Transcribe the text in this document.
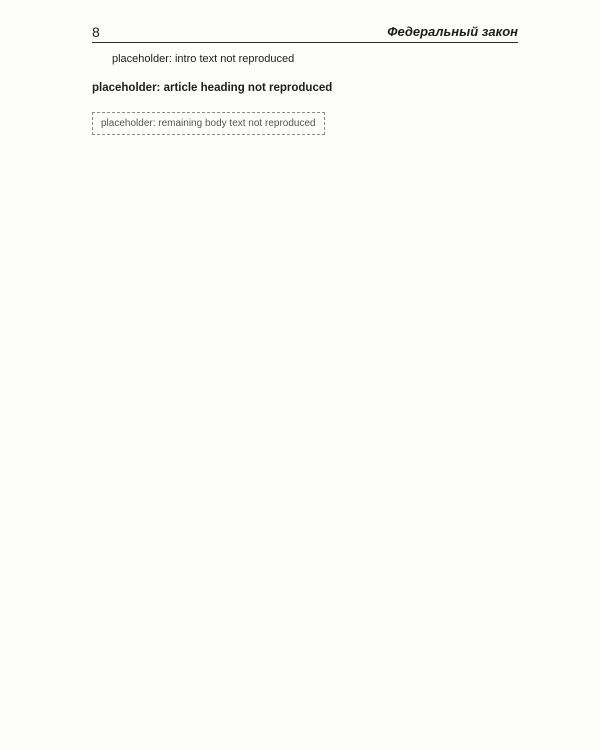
8	Федеральный закон

placeholder: intro text not reproduced

placeholder: article heading not reproduced
placeholder: remaining body text not reproduced
